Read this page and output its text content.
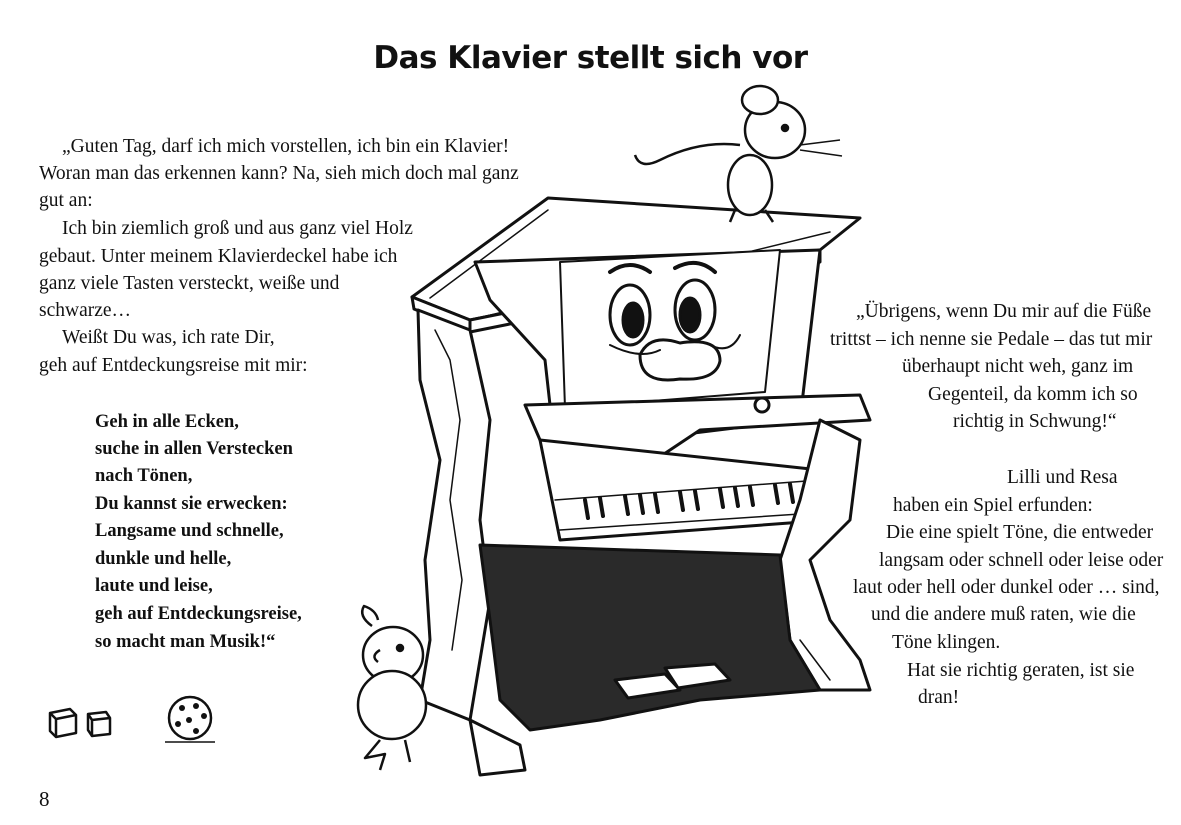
Das Klavier stellt sich vor
„Guten Tag, darf ich mich vorstellen, ich bin ein Klavier!
Woran man das erkennen kann? Na, sieh mich doch mal ganz
gut an:
Ich bin ziemlich groß und aus ganz viel Holz
gebaut. Unter meinem Klavierdeckel habe ich
ganz viele Tasten versteckt, weiße und
schwarze…
Weißt Du was, ich rate Dir,
geh auf Entdeckungsreise mit mir:
Geh in alle Ecken,
suche in allen Verstecken
nach Tönen,
Du kannst sie erwecken:
Langsame und schnelle,
dunkle und helle,
laute und leise,
geh auf Entdeckungsreise,
so macht man Musik!“
„Übrigens, wenn Du mir auf die Füße
trittst – ich nenne sie Pedale – das tut mir
überhaupt nicht weh, ganz im
Gegenteil, da komm ich so
richtig in Schwung!“
Lilli und Resa
haben ein Spiel erfunden:
Die eine spielt Töne, die entweder
langsam oder schnell oder leise oder
laut oder hell oder dunkel oder … sind,
und die andere muß raten, wie die
Töne klingen.
Hat sie richtig geraten, ist sie
dran!
8
